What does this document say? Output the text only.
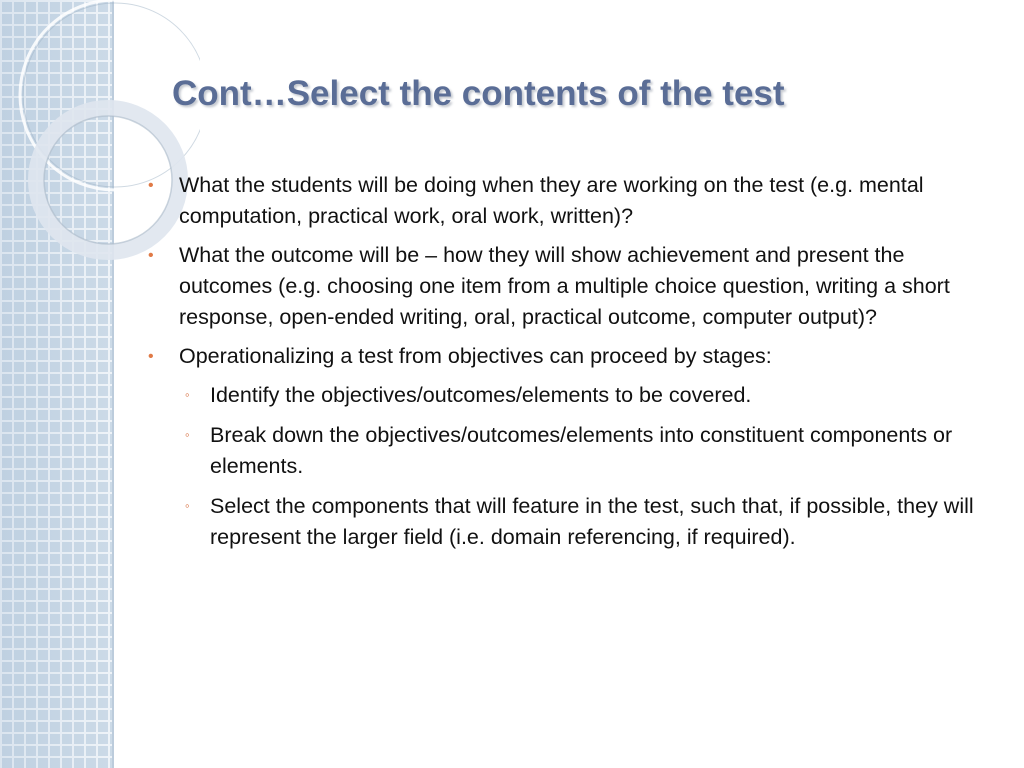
Cont…Select the contents of the test
• What the students will be doing when they are working on the test (e.g. mental computation, practical work, oral work, written)?
• What the outcome will be – how they will show achievement and present the outcomes (e.g. choosing one item from a multiple choice question, writing a short response, open-ended writing, oral, practical outcome, computer output)?
• Operationalizing a test from objectives can proceed by stages:
◦ Identify the objectives/outcomes/elements to be covered.
◦ Break down the objectives/outcomes/elements into constituent components or elements.
◦ Select the components that will feature in the test, such that, if possible, they will represent the larger field (i.e. domain referencing, if required).
